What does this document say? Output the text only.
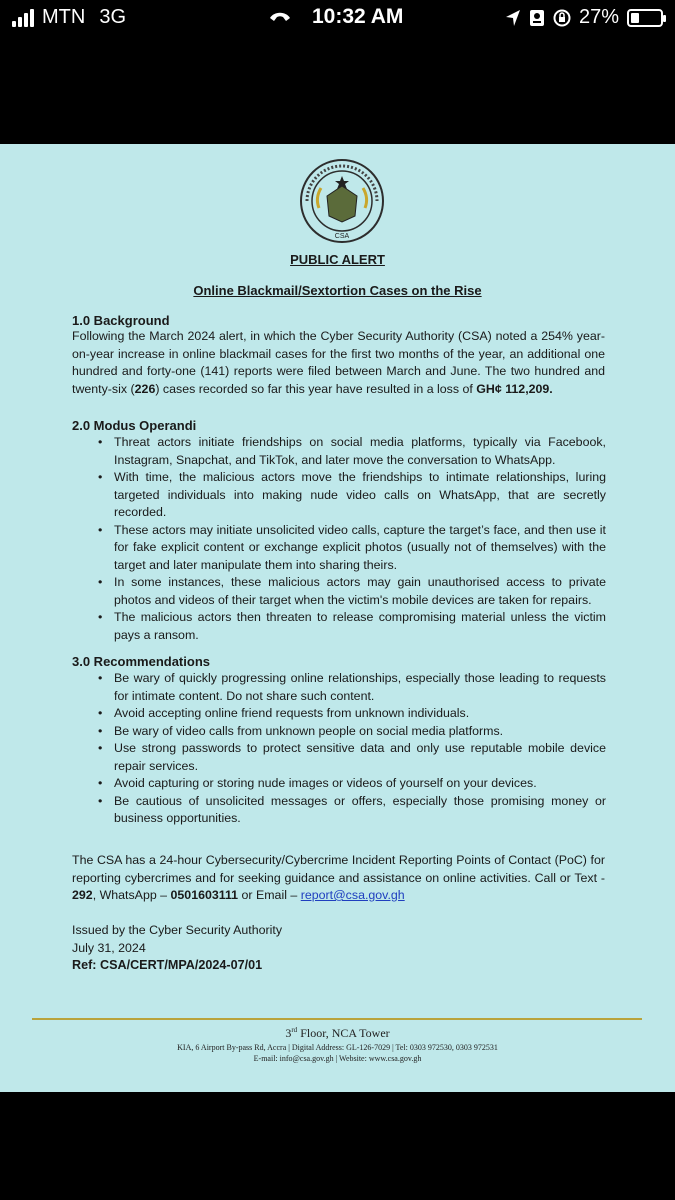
MTN 3G	10:32 AM	27%
CSA
PUBLIC ALERT
Online Blackmail/Sextortion Cases on the Rise
1.0 Background
Following the March 2024 alert, in which the Cyber Security Authority (CSA) noted a 254% year-on-year increase in online blackmail cases for the first two months of the year, an additional one hundred and forty-one (141) reports were filed between March and June. The two hundred and twenty-six (226) cases recorded so far this year have resulted in a loss of GH¢ 112,209.
2.0 Modus Operandi
• Threat actors initiate friendships on social media platforms, typically via Facebook, Instagram, Snapchat, and TikTok, and later move the conversation to WhatsApp.
• With time, the malicious actors move the friendships to intimate relationships, luring targeted individuals into making nude video calls on WhatsApp, that are secretly recorded.
• These actors may initiate unsolicited video calls, capture the target’s face, and then use it for fake explicit content or exchange explicit photos (usually not of themselves) with the target and later manipulate them into sharing theirs.
• In some instances, these malicious actors may gain unauthorised access to private photos and videos of their target when the victim's mobile devices are taken for repairs.
• The malicious actors then threaten to release compromising material unless the victim pays a ransom.
3.0 Recommendations
• Be wary of quickly progressing online relationships, especially those leading to requests for intimate content. Do not share such content.
• Avoid accepting online friend requests from unknown individuals.
• Be wary of video calls from unknown people on social media platforms.
• Use strong passwords to protect sensitive data and only use reputable mobile device repair services.
• Avoid capturing or storing nude images or videos of yourself on your devices.
• Be cautious of unsolicited messages or offers, especially those promising money or business opportunities.
The CSA has a 24-hour Cybersecurity/Cybercrime Incident Reporting Points of Contact (PoC) for reporting cybercrimes and for seeking guidance and assistance on online activities. Call or Text - 292, WhatsApp – 0501603111 or Email – report@csa.gov.gh
Issued by the Cyber Security Authority
July 31, 2024
Ref: CSA/CERT/MPA/2024-07/01
3rd Floor, NCA Tower
KIA, 6 Airport By-pass Rd, Accra | Digital Address: GL-126-7029 | Tel: 0303 972530, 0303 972531
E-mail: info@csa.gov.gh | Website: www.csa.gov.gh
